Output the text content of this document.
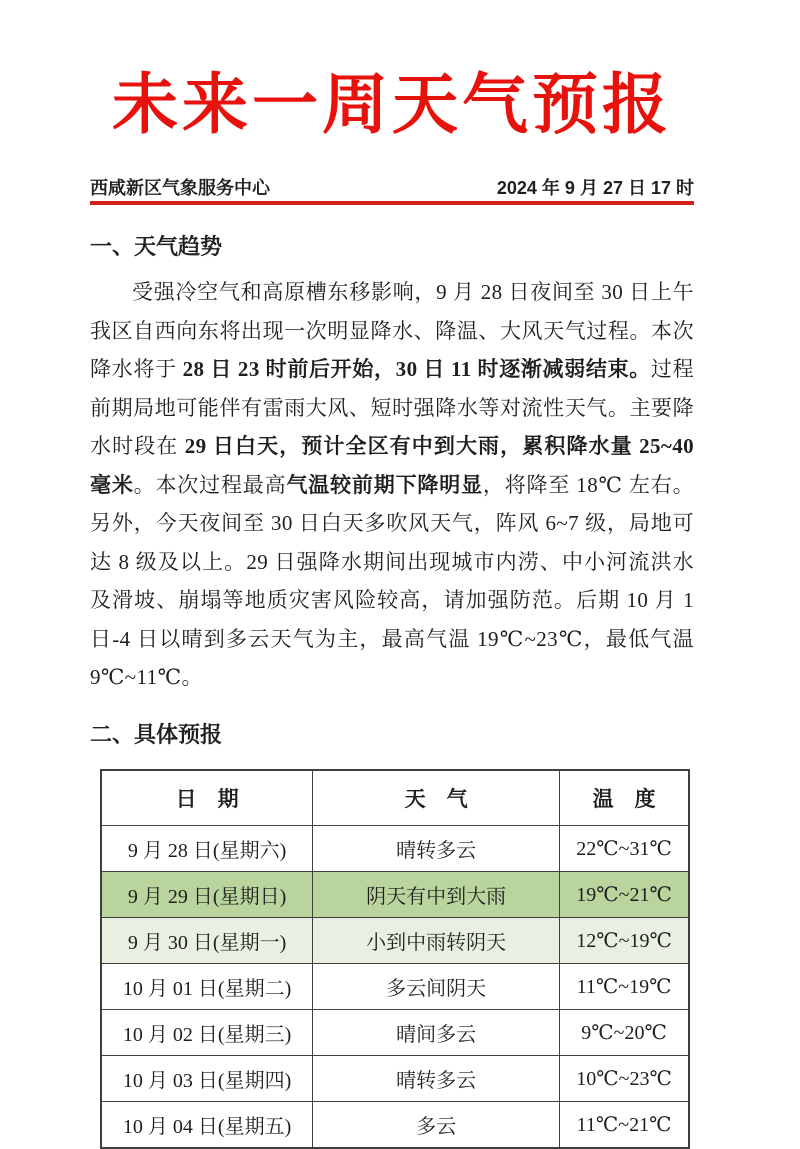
未来一周天气预报
西咸新区气象服务中心	2024 年 9 月 27 日 17 时
一、天气趋势

受强冷空气和高原槽东移影响，9 月 28 日夜间至 30 日上午我区自西向东将出现一次明显降水、降温、大风天气过程。本次降水将于 28 日 23 时前后开始，30 日 11 时逐渐减弱结束。过程前期局地可能伴有雷雨大风、短时强降水等对流性天气。主要降水时段在 29 日白天，预计全区有中到大雨，累积降水量 25~40 毫米。本次过程最高气温较前期下降明显，将降至 18℃ 左右。另外，今天夜间至 30 日白天多吹风天气，阵风 6~7 级，局地可达 8 级及以上。29 日强降水期间出现城市内涝、中小河流洪水及滑坡、崩塌等地质灾害风险较高，请加强防范。后期 10 月 1 日-4 日以晴到多云天气为主，最高气温 19℃~23℃，最低气温 9℃~11℃。

二、具体预报
日　期	天　气	温　度
9 月 28 日(星期六)	晴转多云	22℃~31℃
9 月 29 日(星期日)	阴天有中到大雨	19℃~21℃
9 月 30 日(星期一)	小到中雨转阴天	12℃~19℃
10 月 01 日(星期二)	多云间阴天	11℃~19℃
10 月 02 日(星期三)	晴间多云	9℃~20℃
10 月 03 日(星期四)	晴转多云	10℃~23℃
10 月 04 日(星期五)	多云	11℃~21℃
